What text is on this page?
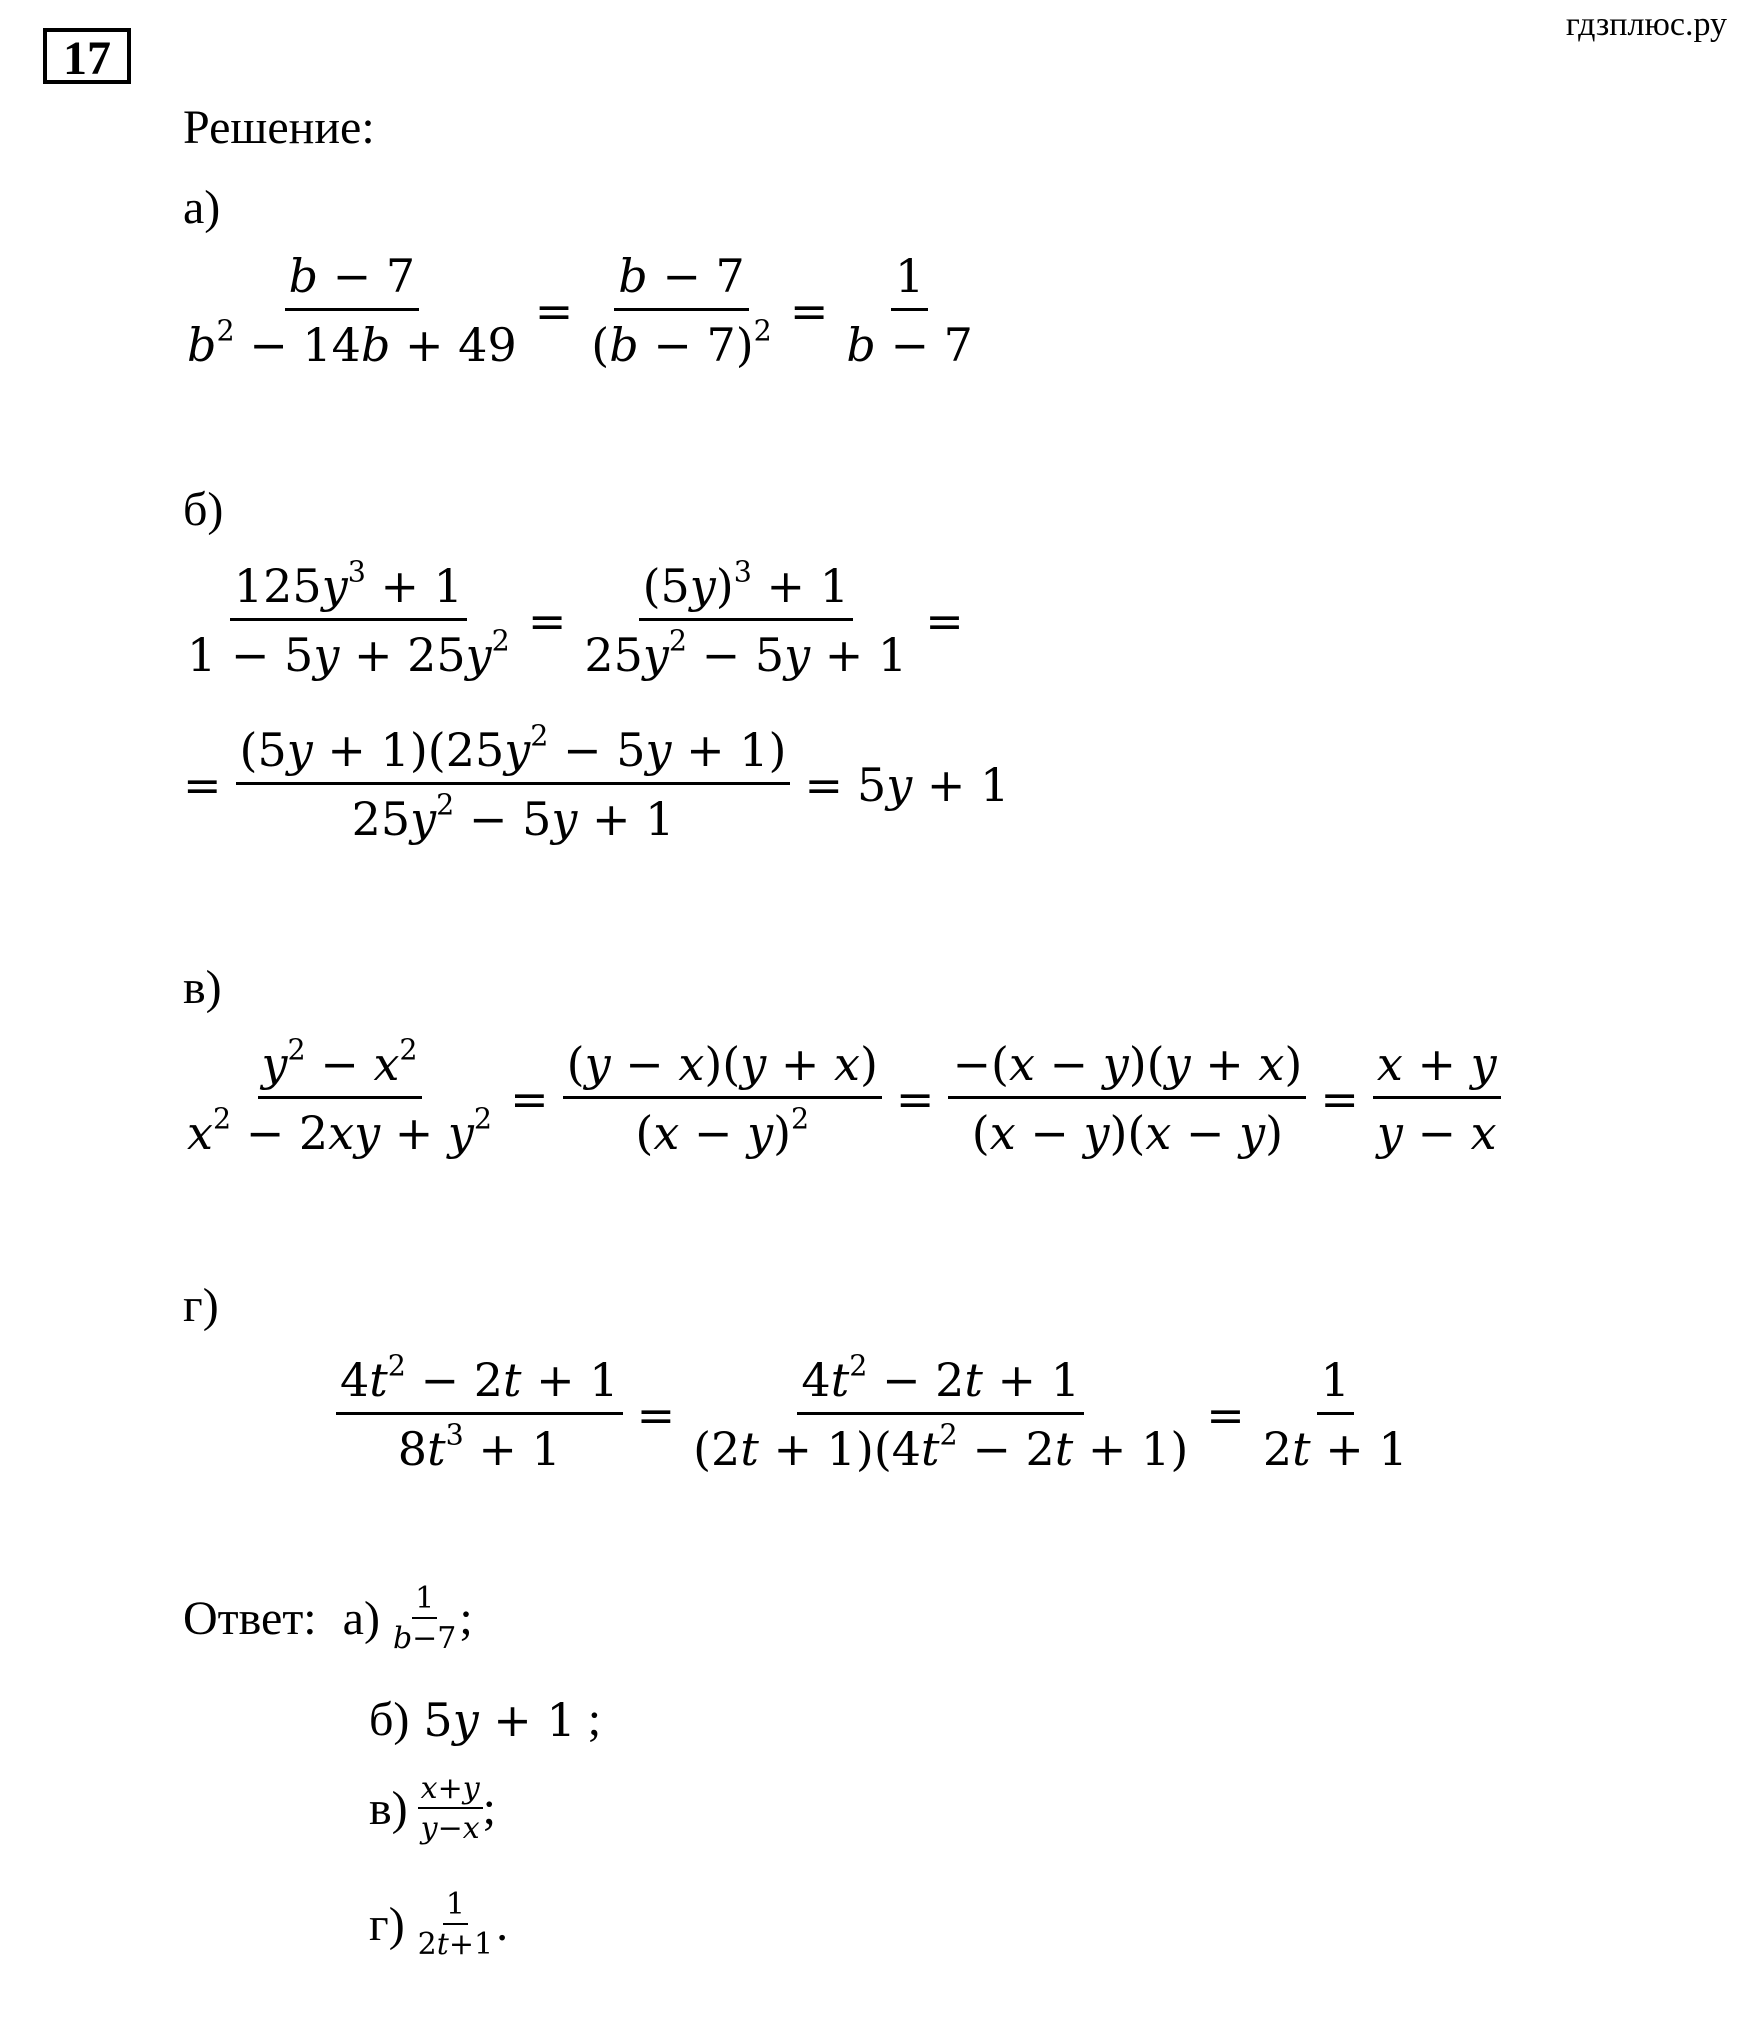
17
гдзплюс.ру
Решение:
а)
$\frac{b - 7}{b^2 - 14b + 49} = \frac{b - 7}{(b - 7)^2} = \frac{1}{b - 7}$
б)
$\frac{125y^3 + 1}{1 - 5y + 25y^2} = \frac{(5y)^3 + 1}{25y^2 - 5y + 1}$ =
= $\frac{(5y + 1)(25y^2 - 5y + 1)}{25y^2 - 5y + 1} = 5y + 1$
в)
$\frac{y^2 - x^2}{x^2 - 2xy + y^2} = \frac{(y - x)(y + x)}{(x - y)^2} = \frac{-(x - y)(y + x)}{(x - y)(x - y)} = \frac{x + y}{y - x}$
г)
$\frac{4t^2 - 2t + 1}{8t^3 + 1} = \frac{4t^2 - 2t + 1}{(2t + 1)(4t^2 - 2t + 1)} = \frac{1}{2t + 1}$
Ответ: $а) \frac{1}{b-7}$ ;
б) 5y + 1 ;
$в) \frac{x+y}{y-x}$ ;
$г) \frac{1}{2t+1}$ .
